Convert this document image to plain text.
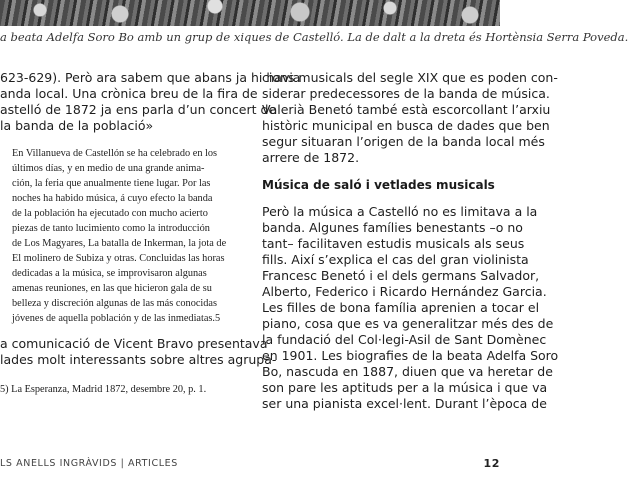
a beata Adelfa Soro Bo amb un grup de xiques de Castelló. La de dalt a la dreta és Hortènsia Serra Poveda.
623-629). Però ara sabem que abans ja hi havia
anda local. Una crònica breu de la fira de
astelló de 1872 ja ens parla d’un concert de
la banda de la població»
En Villanueva de Castellón se ha celebrado en los
últimos días, y en medio de una grande anima-
ción, la feria que anualmente tiene lugar. Por las
noches ha habido música, á cuyo efecto la banda
de la población ha ejecutado con mucho acierto
piezas de tanto lucimiento como la introducción
de Los Magyares, La batalla de Inkerman, la jota de
El molinero de Subiza y otras. Concluidas las horas
dedicadas a la música, se improvisaron algunas
amenas reuniones, en las que hicieron gala de su
belleza y discreción algunas de las más conocidas
jóvenes de aquella población y de las inmediatas.5
a comunicació de Vicent Bravo presentava
lades molt interessants sobre altres agrupa-
5) La Esperanza, Madrid 1872, desembre 20, p. 1.
cions musicals del segle XIX que es poden con-
siderar predecessores de la banda de música.
Valerià Benetó també està escorcollant l’arxiu
històric municipal en busca de dades que ben
segur situaran l’origen de la banda local més
arrere de 1872.
Música de saló i vetlades musicals
Però la música a Castelló no es limitava a la
banda. Algunes famílies benestants –o no
tant– facilitaven estudis musicals als seus
fills. Així s’explica el cas del gran violinista
Francesc Benetó i el dels germans Salvador,
Alberto, Federico i Ricardo Hernández Garcia.
Les filles de bona família aprenien a tocar el
piano, cosa que es va generalitzar més des de
la fundació del Col·legi-Asil de Sant Domènec
en 1901. Les biografies de la beata Adelfa Soro
Bo, nascuda en 1887, diuen que va heretar de
son pare les aptituds per a la música i que va
ser una pianista excel·lent. Durant l’època de
LS ANELLS INGRÀVIDS | ARTICLES	12
